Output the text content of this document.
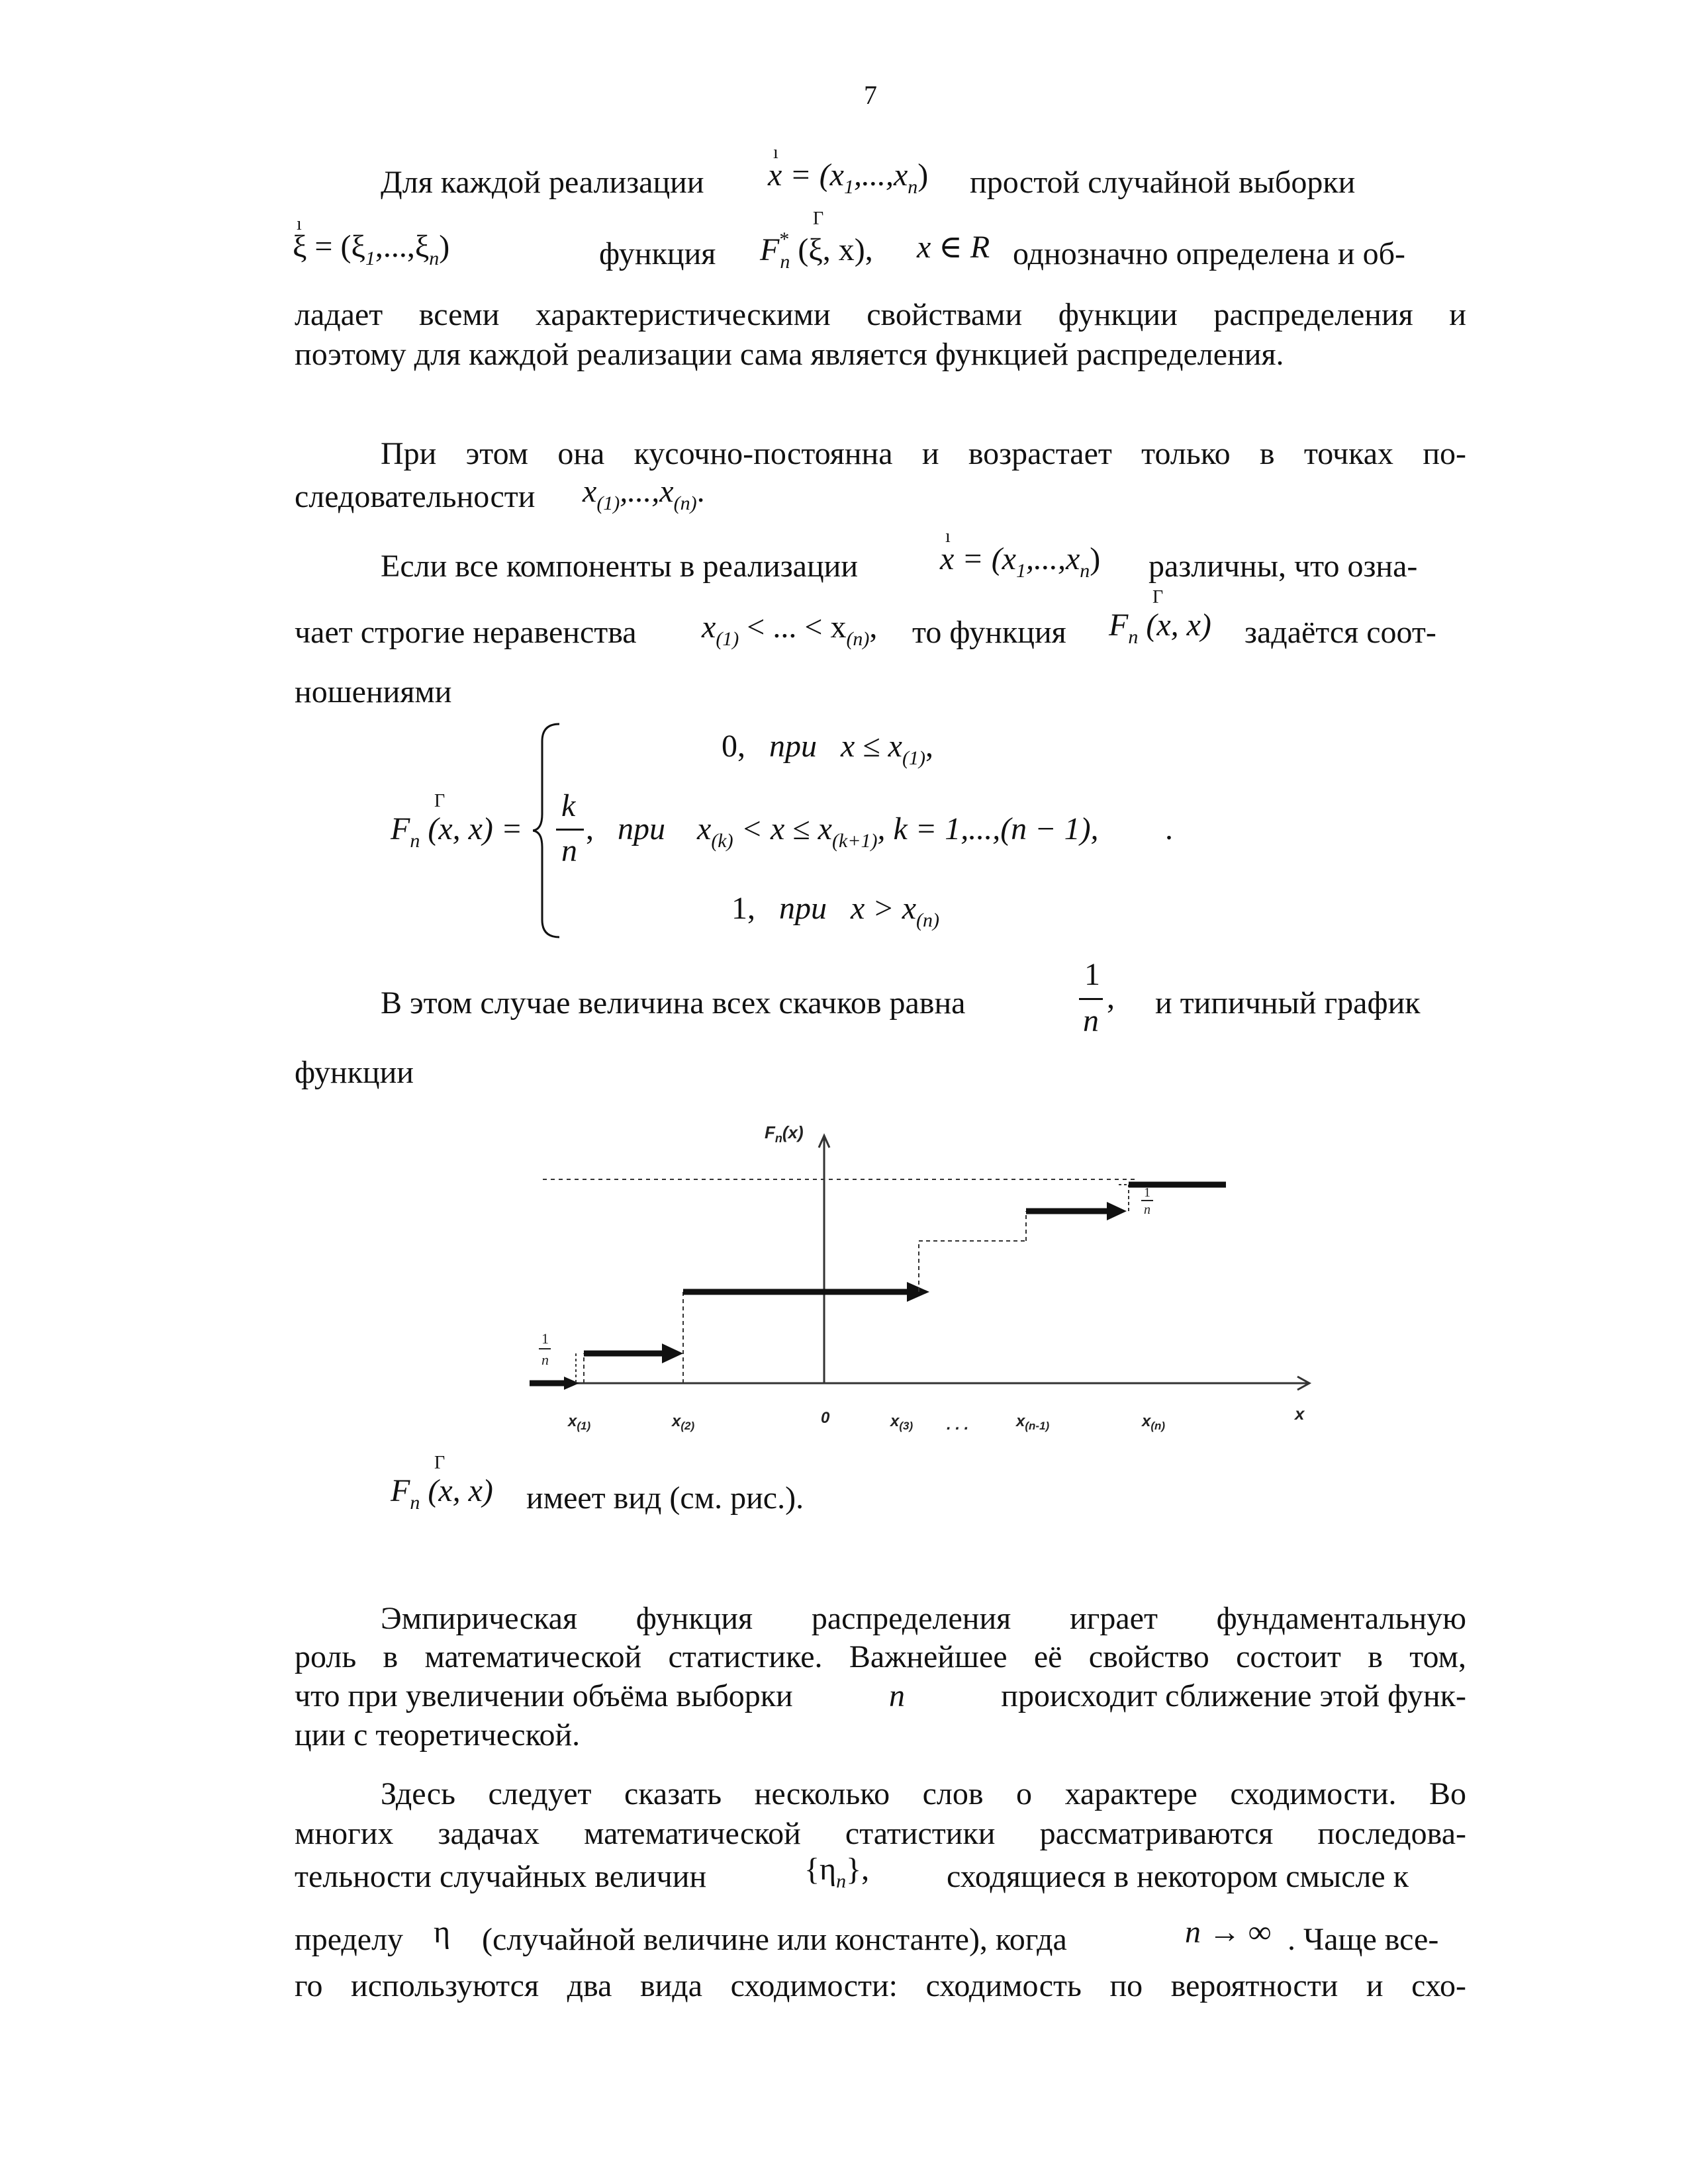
7
Для каждой реализации
ı
$x = (x_1,...,x_n)$ простой случайной выборки
ı
$\xi = (\xi_1,...,\xi_n)$	функция $F^*_n$
Γ
(ξ, x), x ∈ R однозначно определена и об-
ладает всеми характеристическими свойствами функции распределения и
поэтому для каждой реализации сама является функцией распределения.
При этом она кусочно-постоянна и возрастает только в точках по-
следовательности $x_{(1)},...,x_{(n)}$.
Если все компоненты в реализации
ı
$x = (x_1,...,x_n)$ различны, что озна-
чает строгие неравенства $x_{(1)}$ < ... < $x_{(n)}$, то функция $F_n$
Γ
(x, x) задаётся соот-
ношениями
$F_n$
Γ
(x, x) =
0, при $x \le x_{(1)}$,
k
n
, при $x_{(k)} < x \le x_{(k+1)}$, k = 1,...,(n − 1), .
1, при $x > x_{(n)}$
В этом случае величина всех скачков равна
1
n
, и типичный график
функции
$F_n(x)$
x
0	. . .
$x_{(1)}$	$x_{(2)}$	$x_{(3)}$	$x_{(n-1)}$	$x_{(n)}$
1
n
1
n
$F_n$
Γ
(x, x) имеет вид (см. рис.).
Эмпирическая функция распределения играет фундаментальную
роль в математической статистике. Важнейшее её свойство состоит в том,
что при увеличении объёма выборки	n	происходит сближение этой функ-
ции с теоретической.
Здесь следует сказать несколько слов о характере сходимости. Во
многих задачах математической статистики рассматриваются последова-
тельности случайных величин	$\{\eta_n\}$, сходящиеся в некотором смысле к
пределу η (случайной величине или константе), когда	n → ∞ . Чаще все-
го используются два вида сходимости: сходимость по вероятности и схо-
